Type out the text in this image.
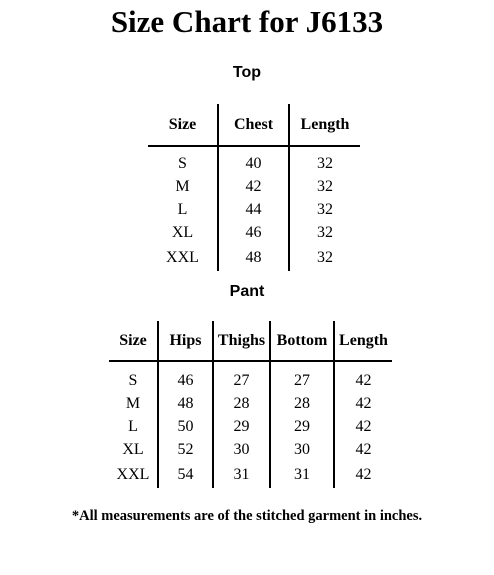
Size Chart for J6133
Top
Size	Chest	Length
S	40	32
M	42	32
L	44	32
XL	46	32
XXL	48	32
Pant
Size	Hips	Thighs	Bottom	Length
S	46	27	27	42
M	48	28	28	42
L	50	29	29	42
XL	52	30	30	42
XXL	54	31	31	42
*All measurements are of the stitched garment in inches.
